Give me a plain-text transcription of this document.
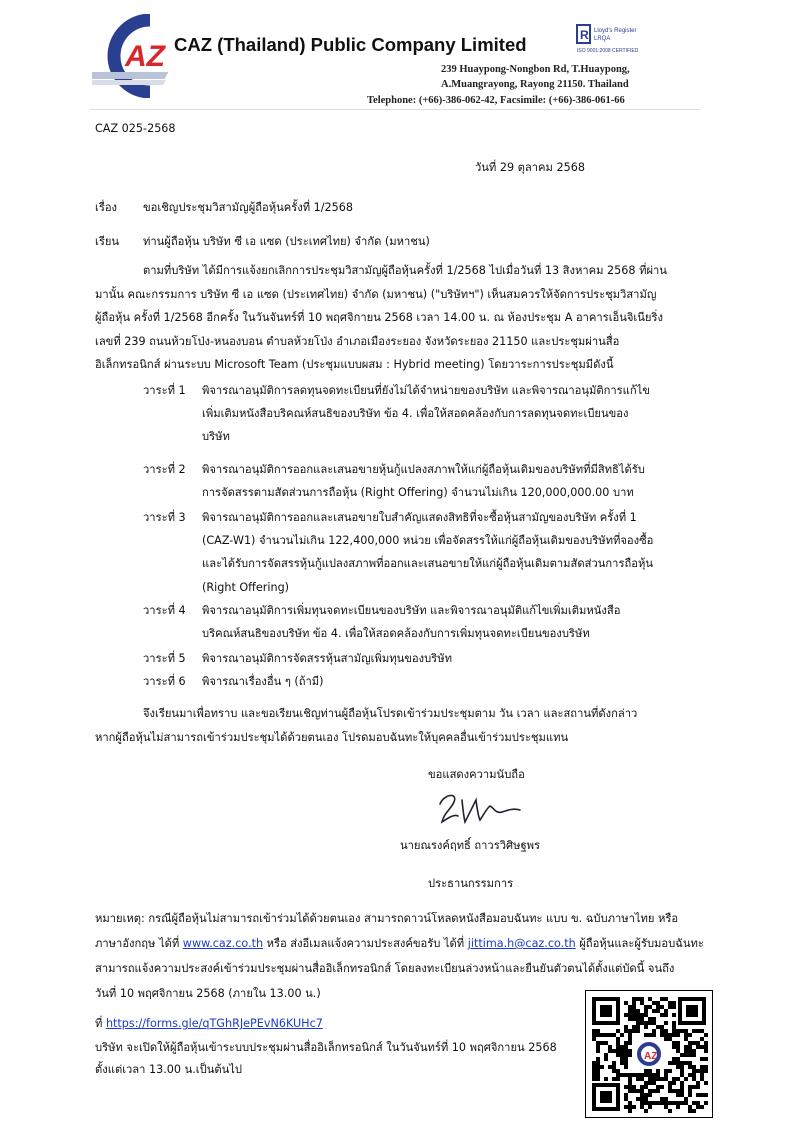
AZ CAZ (Thailand) Public Company Limited	R Lloyd's Register
LRQA
ISO 9001:2008 CERTIFIED
239 Huaypong-Nongbon Rd, T.Huaypong,
A.Muangrayong, Rayong 21150. Thailand
Telephone: (+66)-386-062-42, Facsimile: (+66)-386-061-66
CAZ 025-2568
วันที่ 29 ตุลาคม 2568
เรื่อง ขอเชิญประชุมวิสามัญผู้ถือหุ้นครั้งที่ 1/2568
เรียน ท่านผู้ถือหุ้น บริษัท ซี เอ แซด (ประเทศไทย) จำกัด (มหาชน)
ตามที่บริษัท ได้มีการแจ้งยกเลิกการประชุมวิสามัญผู้ถือหุ้นครั้งที่ 1/2568 ไปเมื่อวันที่ 13 สิงหาคม 2568 ที่ผ่าน
มานั้น คณะกรรมการ บริษัท ซี เอ แซด (ประเทศไทย) จำกัด (มหาชน) ("บริษัทฯ") เห็นสมควรให้จัดการประชุมวิสามัญ
ผู้ถือหุ้น ครั้งที่ 1/2568 อีกครั้ง ในวันจันทร์ที่ 10 พฤศจิกายน 2568 เวลา 14.00 น. ณ ห้องประชุม A อาคารเอ็นจิเนียริ่ง
เลขที่ 239 ถนนห้วยโป่ง-หนองบอน ตำบลห้วยโป่ง อำเภอเมืองระยอง จังหวัดระยอง 21150 และประชุมผ่านสื่อ
อิเล็กทรอนิกส์ ผ่านระบบ Microsoft Team (ประชุมแบบผสม : Hybrid meeting) โดยวาระการประชุมมีดังนี้
วาระที่ 1 พิจารณาอนุมัติการลดทุนจดทะเบียนที่ยังไม่ได้จำหน่ายของบริษัท และพิจารณาอนุมัติการแก้ไข
เพิ่มเติมหนังสือบริคณห์สนธิของบริษัท ข้อ 4. เพื่อให้สอดคล้องกับการลดทุนจดทะเบียนของ
บริษัท
วาระที่ 2 พิจารณาอนุมัติการออกและเสนอขายหุ้นกู้แปลงสภาพให้แก่ผู้ถือหุ้นเดิมของบริษัทที่มีสิทธิได้รับ
การจัดสรรตามสัดส่วนการถือหุ้น (Right Offering) จำนวนไม่เกิน 120,000,000.00 บาท
วาระที่ 3 พิจารณาอนุมัติการออกและเสนอขายใบสำคัญแสดงสิทธิที่จะซื้อหุ้นสามัญของบริษัท ครั้งที่ 1
(CAZ-W1) จำนวนไม่เกิน 122,400,000 หน่วย เพื่อจัดสรรให้แก่ผู้ถือหุ้นเดิมของบริษัทที่จองซื้อ
และได้รับการจัดสรรหุ้นกู้แปลงสภาพที่ออกและเสนอขายให้แก่ผู้ถือหุ้นเดิมตามสัดส่วนการถือหุ้น
(Right Offering)
วาระที่ 4 พิจารณาอนุมัติการเพิ่มทุนจดทะเบียนของบริษัท และพิจารณาอนุมัติแก้ไขเพิ่มเติมหนังสือ
บริคณห์สนธิของบริษัท ข้อ 4. เพื่อให้สอดคล้องกับการเพิ่มทุนจดทะเบียนของบริษัท
วาระที่ 5 พิจารณาอนุมัติการจัดสรรหุ้นสามัญเพิ่มทุนของบริษัท
วาระที่ 6 พิจารณาเรื่องอื่น ๆ (ถ้ามี)
จึงเรียนมาเพื่อทราบ และขอเรียนเชิญท่านผู้ถือหุ้นโปรดเข้าร่วมประชุมตาม วัน เวลา และสถานที่ดังกล่าว
หากผู้ถือหุ้นไม่สามารถเข้าร่วมประชุมได้ด้วยตนเอง โปรดมอบฉันทะให้บุคคลอื่นเข้าร่วมประชุมแทน
ขอแสดงความนับถือ
นายณรงค์ฤทธิ์ ถาวรวิศิษฐพร
ประธานกรรมการ
หมายเหตุ: กรณีผู้ถือหุ้นไม่สามารถเข้าร่วมได้ด้วยตนเอง สามารถดาวน์โหลดหนังสือมอบฉันทะ แบบ ข. ฉบับภาษาไทย หรือ
ภาษาอังกฤษ ได้ที่ www.caz.co.th หรือ ส่งอีเมลแจ้งความประสงค์ขอรับ ได้ที่ jittima.h@caz.co.th ผู้ถือหุ้นและผู้รับมอบฉันทะ
สามารถแจ้งความประสงค์เข้าร่วมประชุมผ่านสื่ออิเล็กทรอนิกส์ โดยลงทะเบียนล่วงหน้าและยืนยันตัวตนได้ตั้งแต่บัดนี้ จนถึง
วันที่ 10 พฤศจิกายน 2568 (ภายใน 13.00 น.)
ที่ https://forms.gle/qTGhRJePEvN6KUHc7
บริษัท จะเปิดให้ผู้ถือหุ้นเข้าระบบประชุมผ่านสื่ออิเล็กทรอนิกส์ ในวันจันทร์ที่ 10 พฤศจิกายน 2568
ตั้งแต่เวลา 13.00 น.เป็นต้นไป
AZ
